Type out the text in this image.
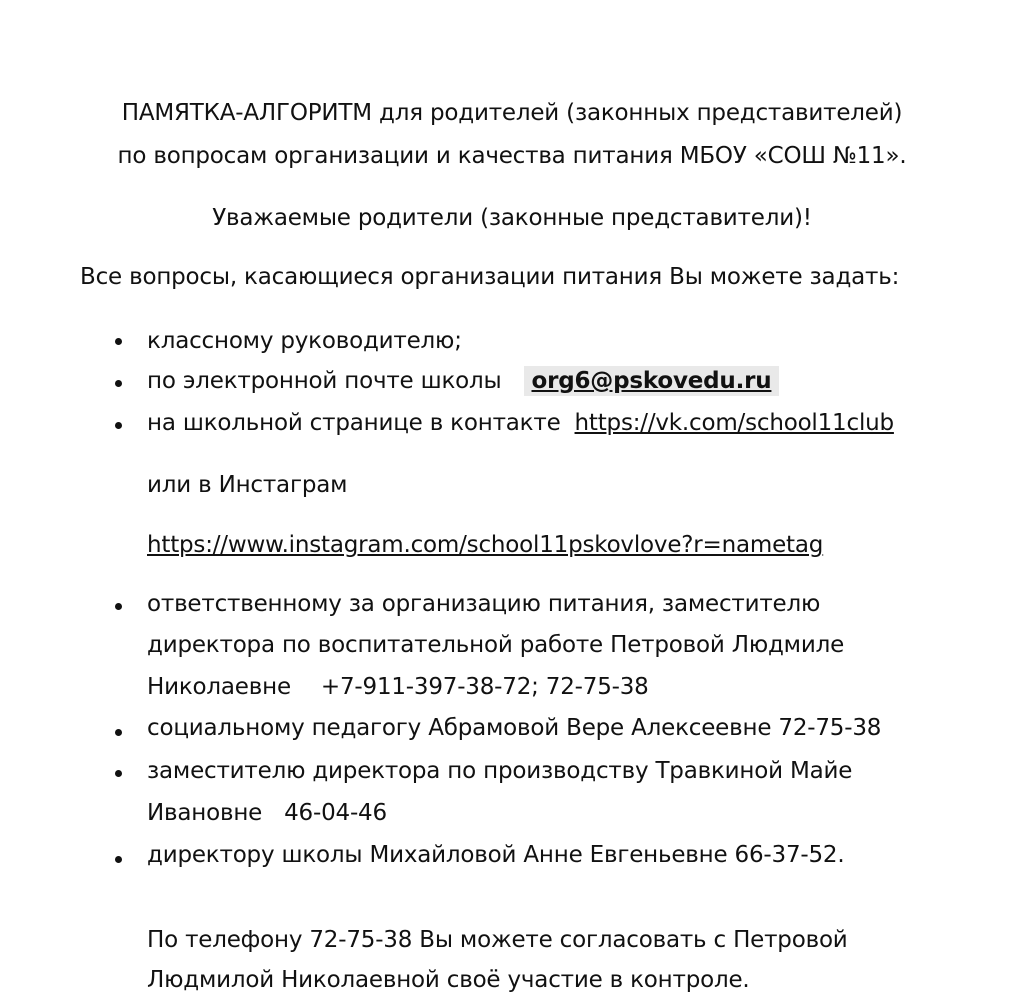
ПАМЯТКА-АЛГОРИТМ для родителей (законных представителей)
по вопросам организации и качества питания МБОУ «СОШ №11».
Уважаемые родители (законные представители)!
Все вопросы, касающиеся организации питания Вы можете задать:
классному руководителю;
по электронной почте школы org6@pskovedu.ru
на школьной странице в контакте https://vk.com/school11club
или в Инстаграм
https://www.instagram.com/school11pskovlove?r=nametag
ответственному за организацию питания, заместителю
директора по воспитательной работе Петровой Людмиле
Николаевне +7-911-397-38-72; 72-75-38
социальному педагогу Абрамовой Вере Алексеевне 72-75-38
заместителю директора по производству Травкиной Майе
Ивановне 46-04-46
директору школы Михайловой Анне Евгеньевне 66-37-52.
По телефону 72-75-38 Вы можете согласовать с Петровой
Людмилой Николаевной своё участие в контроле.
